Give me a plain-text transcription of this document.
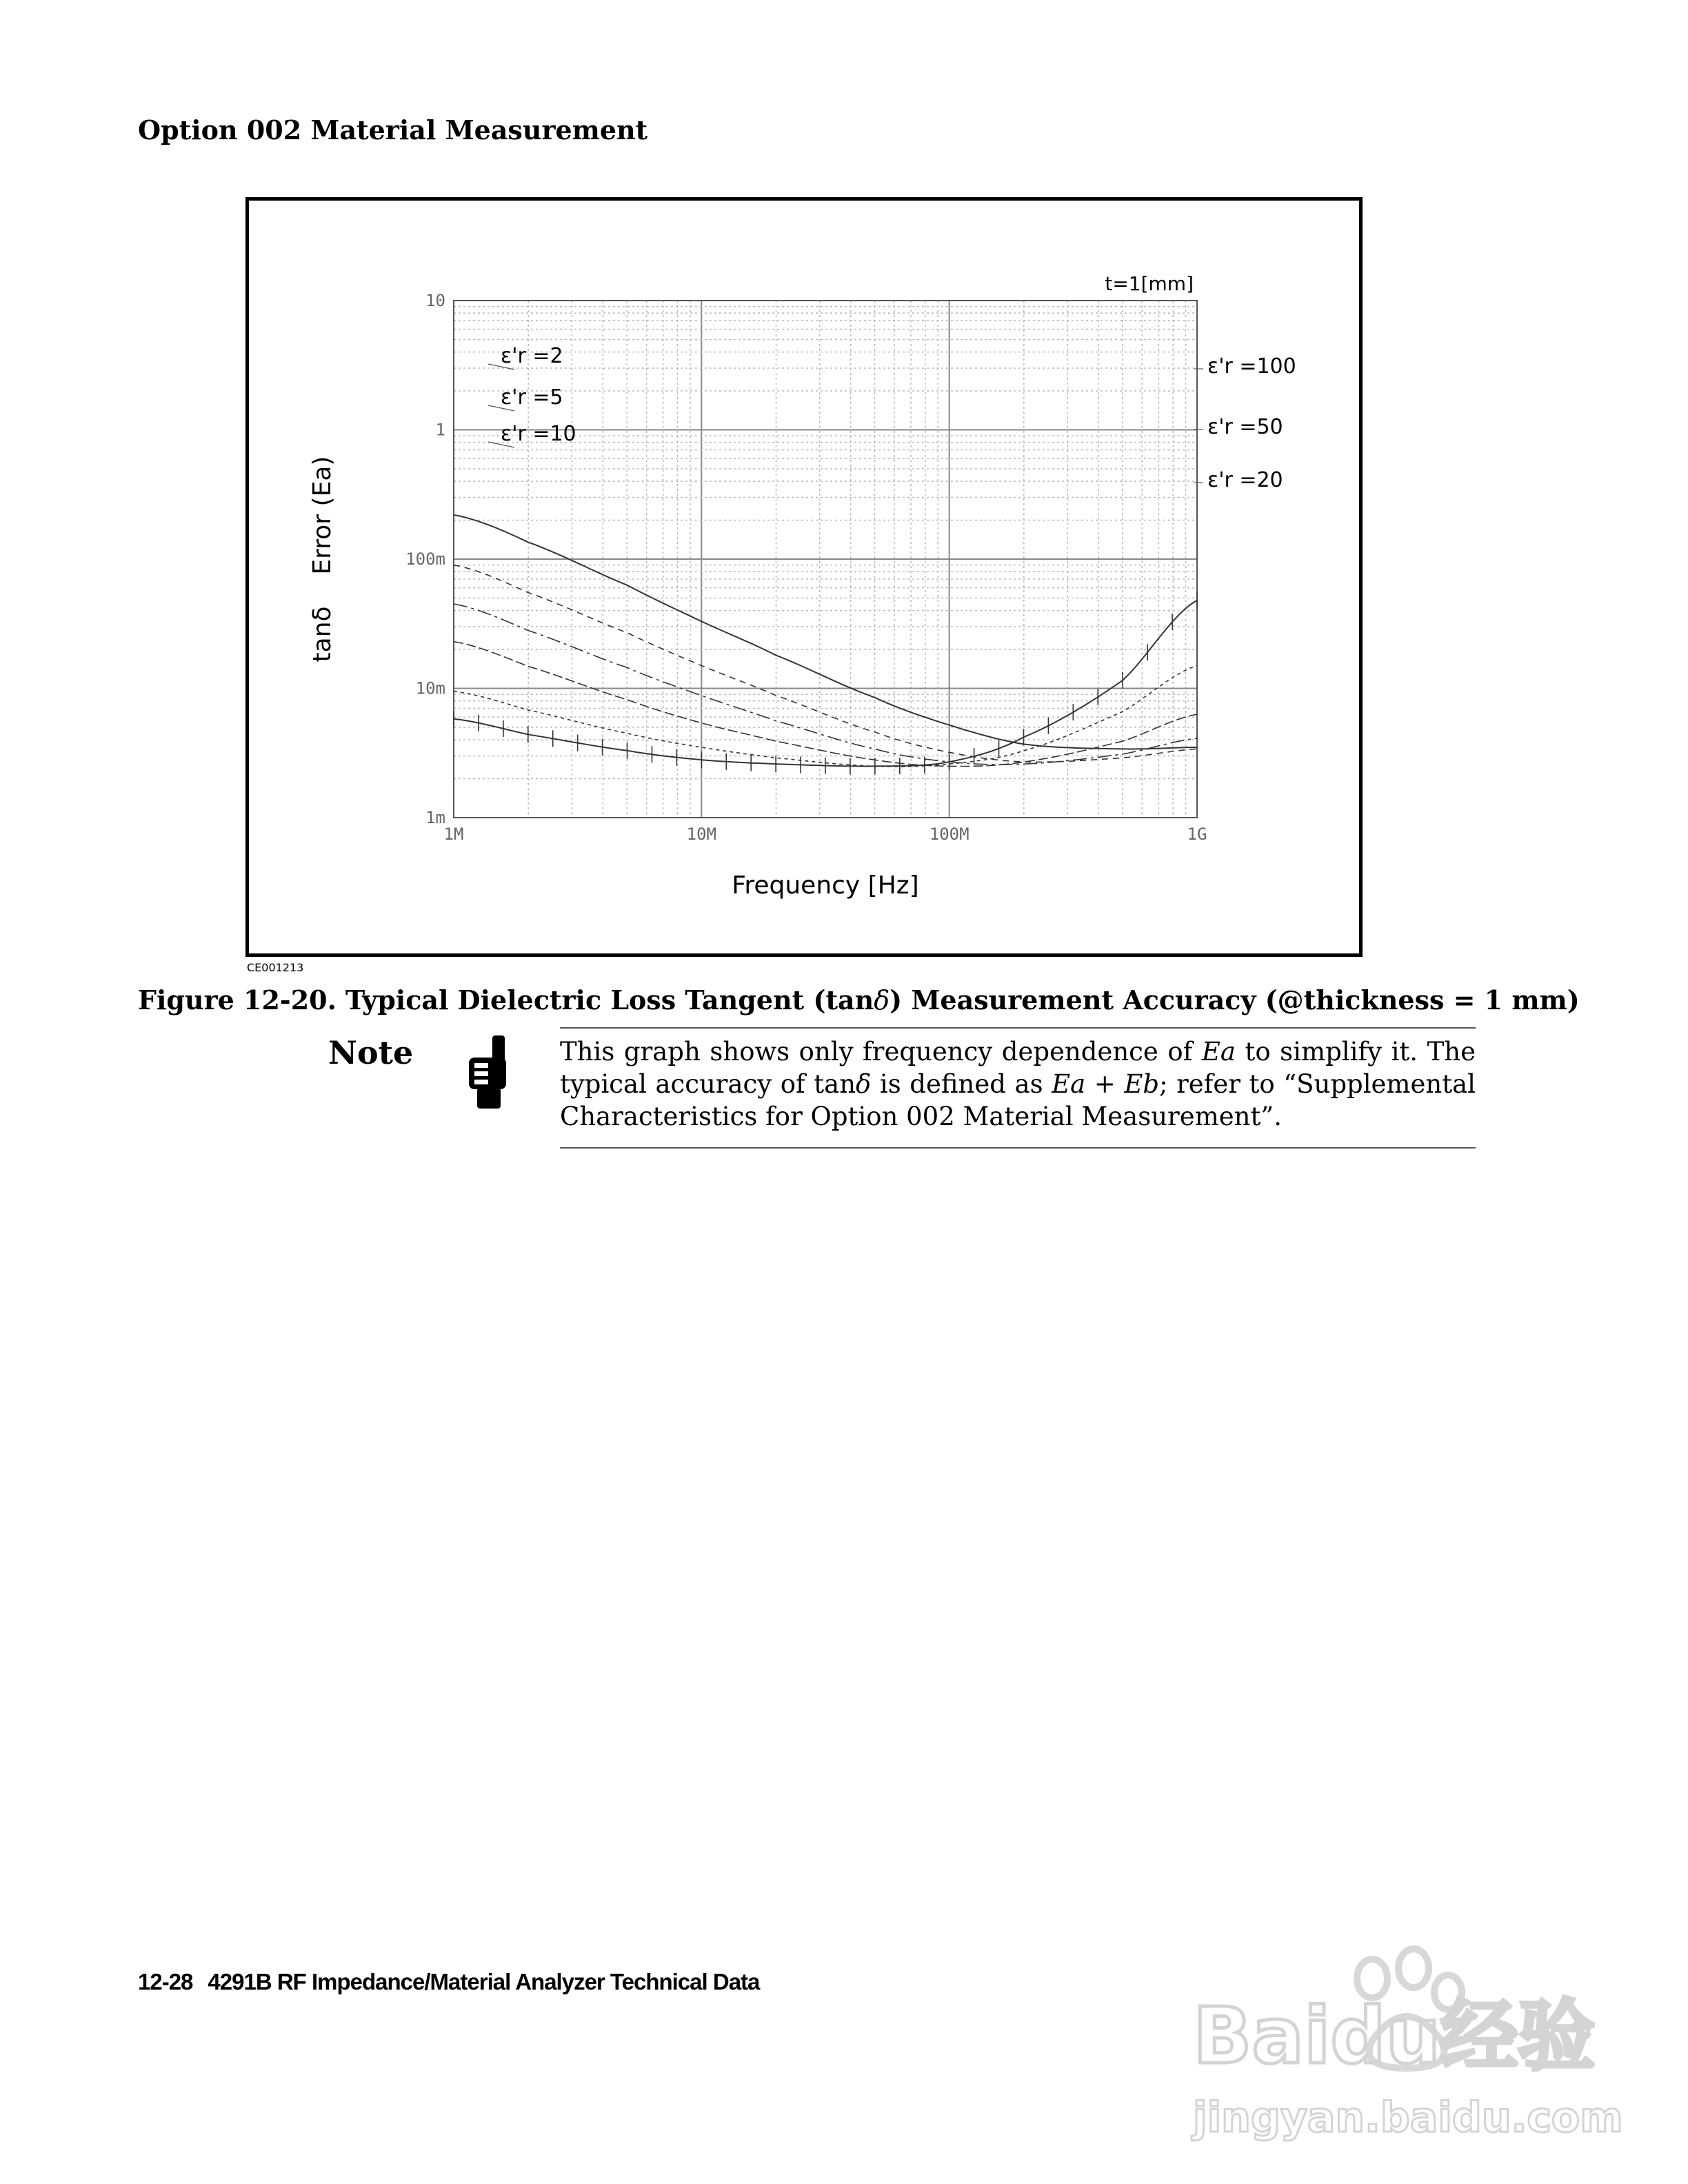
Option 002 Material Measurement
1M	10M	100M	1G
10
1
100m
10m
1m
ε'r =2
ε'r =5
ε'r =10
ε'r =100
ε'r =50
ε'r =20
t=1[mm]
Frequency [Hz]
tanδ    Error (Ea)
CE001213
Figure 12-20. Typical Dielectric Loss Tangent (tanδ) Measurement Accuracy (@thickness = 1 mm)
Note	This graph shows only frequency dependence of Ea to simplify it. The typical accuracy of tanδ is defined as Ea + Eb; refer to “Supplemental Characteristics for Option 002 Material Measurement”.
12-28 4291B RF Impedance/Material Analyzer Technical Data
Baidu经验
jingyan.baidu.com
